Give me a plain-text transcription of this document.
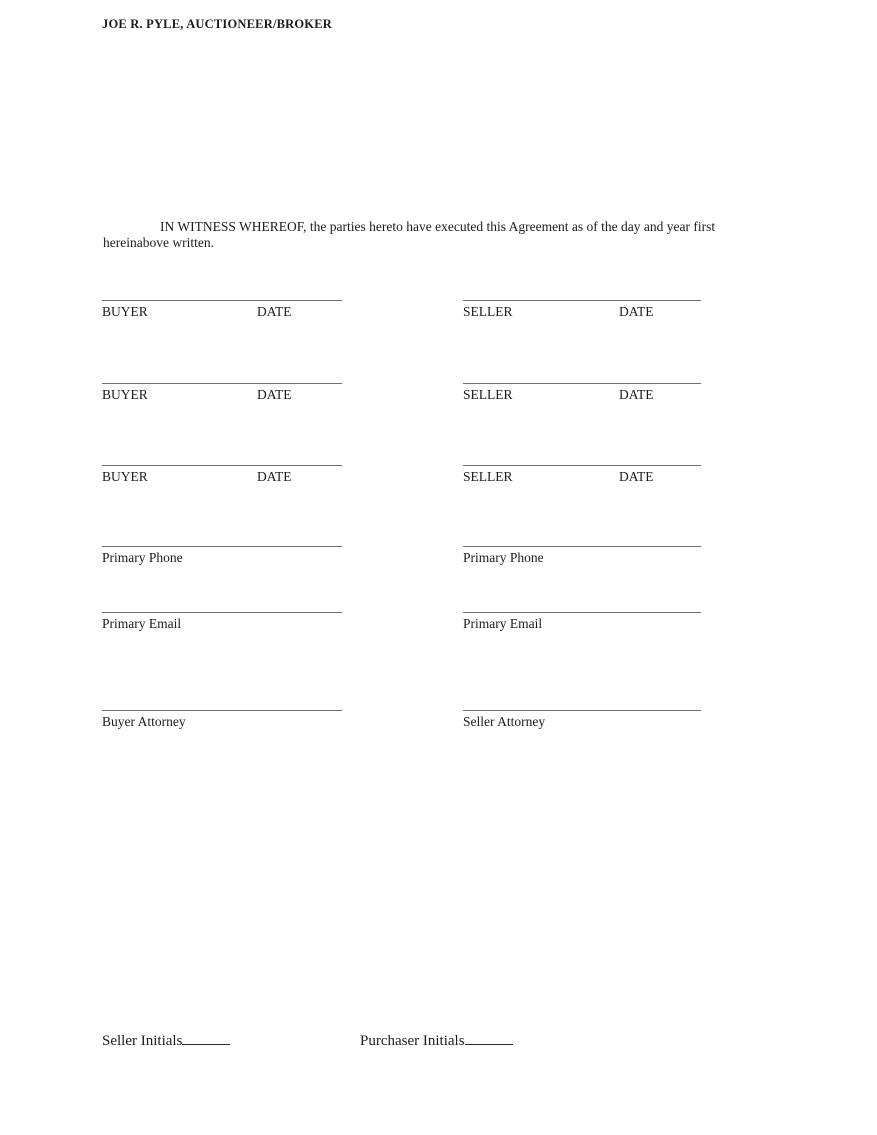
JOE R. PYLE, AUCTIONEER/BROKER

IN WITNESS WHEREOF, the parties hereto have executed this Agreement as of the day and year first hereinabove written.

BUYER	DATE	SELLER	DATE
BUYER	DATE	SELLER	DATE
BUYER	DATE	SELLER	DATE
Primary Phone	Primary Phone
Primary Email	Primary Email
Buyer Attorney	Seller Attorney
Seller Initials	Purchaser Initials
